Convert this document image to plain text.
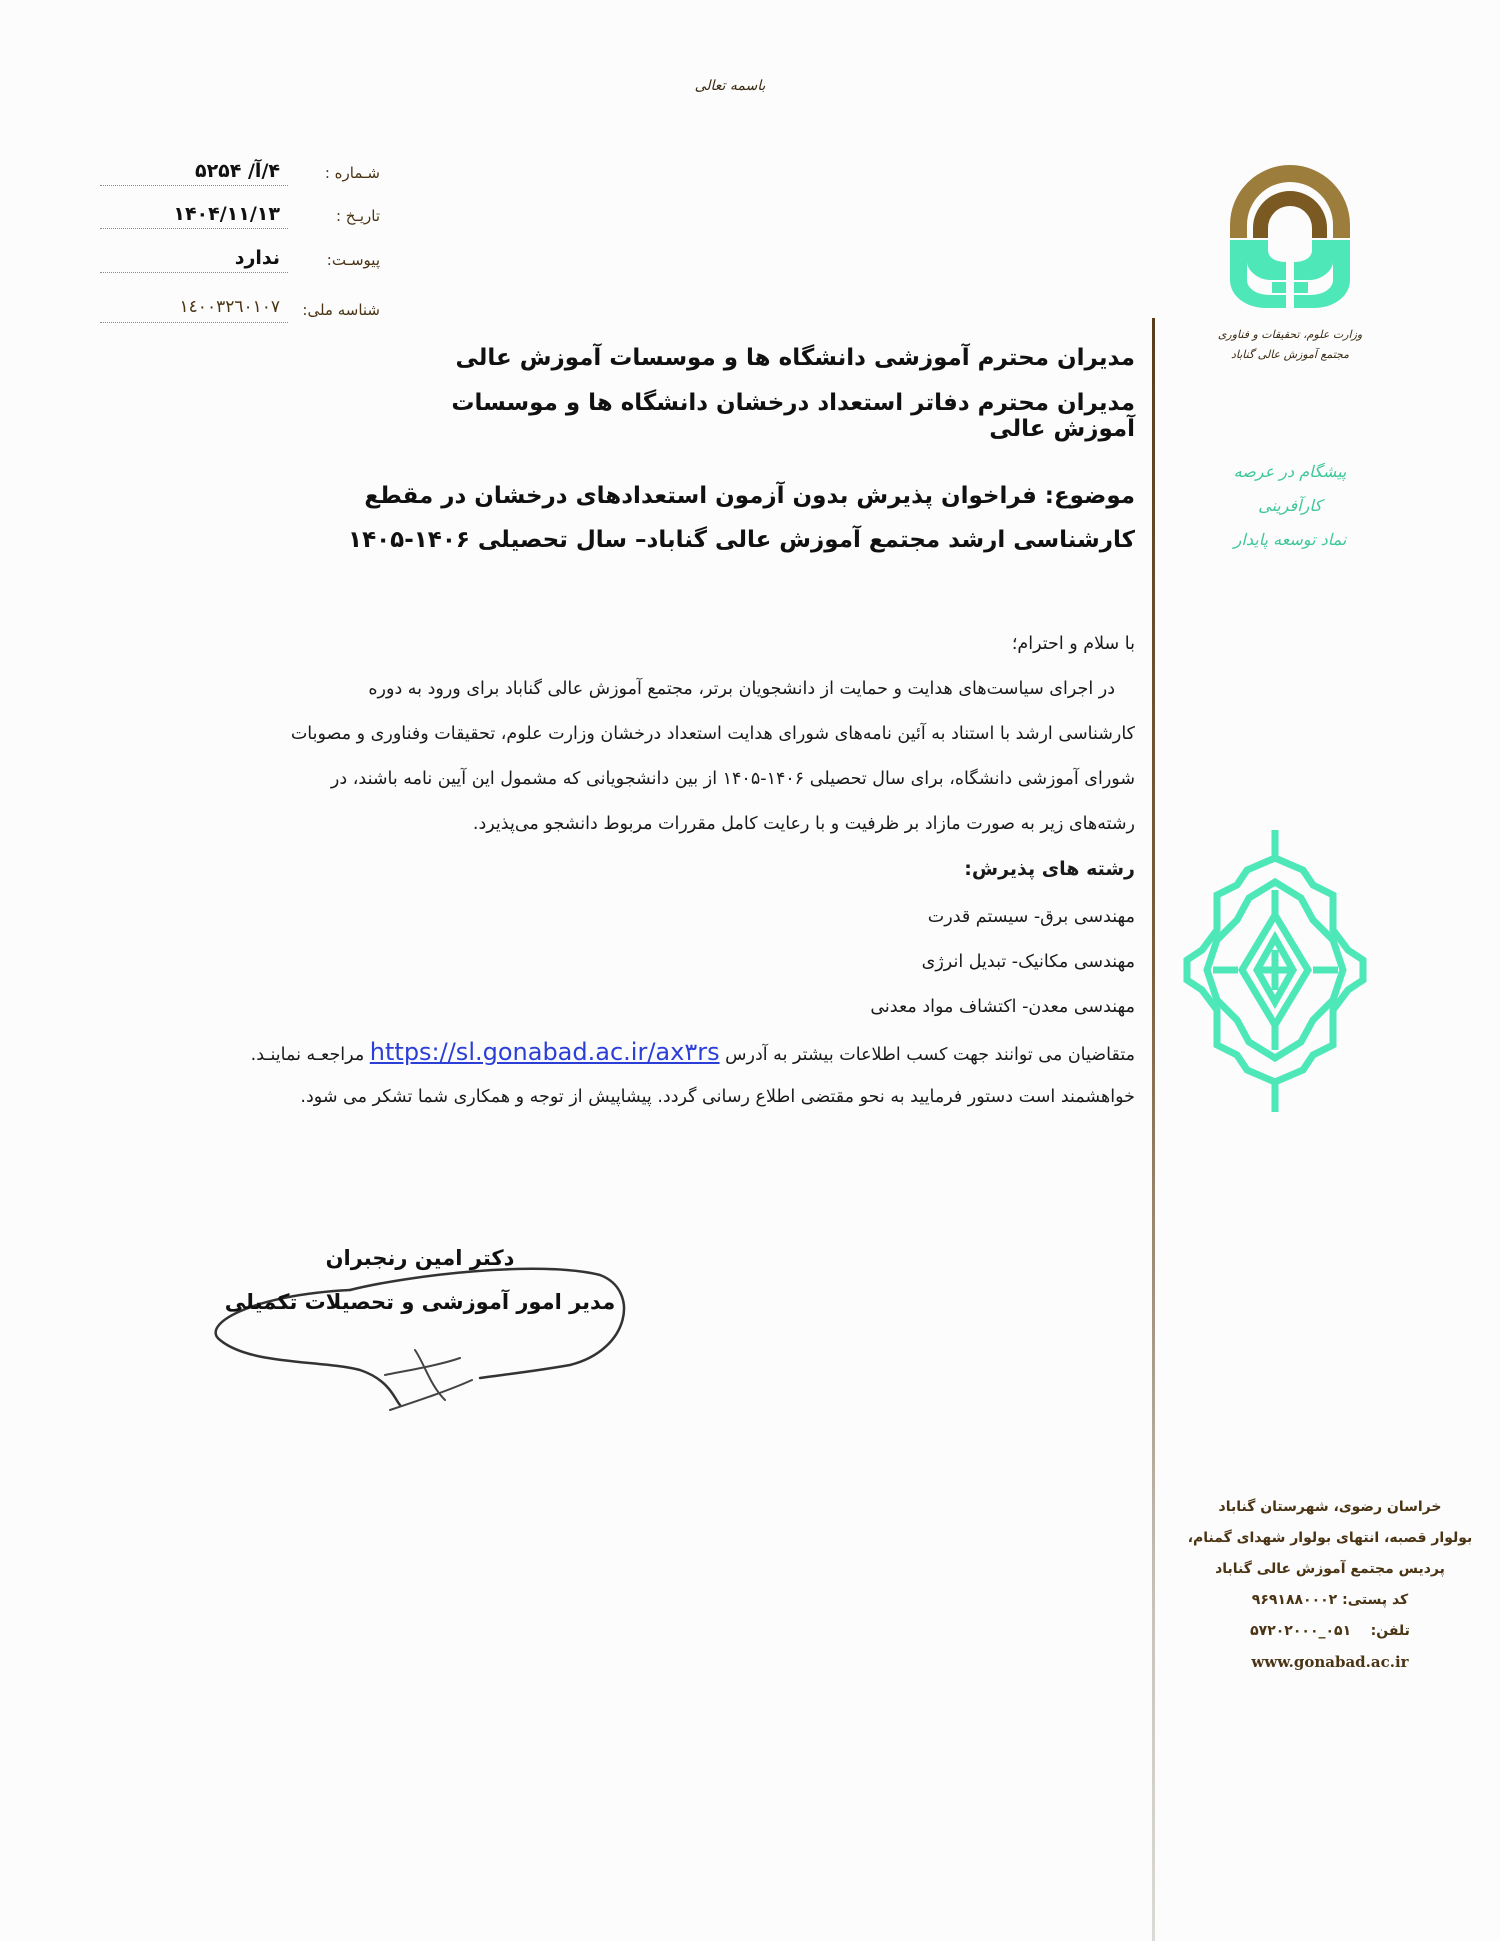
باسمه تعالی
شـماره :
۴/آ/ ۵۲۵۴
تاریـخ :
۱۴۰۴/۱۱/۱۳
پیوسـت:
ندارد
شناسه ملی:
١٤٠٠٣٢٦٠١٠٧
مدیران محترم آموزشی دانشگاه ها و موسسات آموزش عالی
مدیران محترم دفاتر استعداد درخشان دانشگاه ها و موسسات آموزش عالی
موضوع: فراخوان پذیرش بدون آزمون استعدادهای درخشان در مقطع کارشناسی ارشد مجتمع آموزش عالی گناباد– سال تحصیلی ۱۴۰۶-۱۴۰۵
با سلام و احترام؛
در اجرای سیاست‌های هدایت و حمایت از دانشجویان برتر، مجتمع آموزش عالی گناباد برای ورود به دوره
کارشناسی ارشد با استناد به آئین نامه‌های شورای هدایت استعداد درخشان وزارت علوم، تحقیقات وفناوری و مصوبات
شورای آموزشی دانشگاه، برای سال تحصیلی ۱۴۰۶-۱۴۰۵ از بین دانشجویانی که مشمول این آیین نامه باشند، در
رشته‌های زیر به صورت مازاد بر ظرفیت و با رعایت کامل مقررات مربوط دانشجو می‌پذیرد.
رشته های پذیرش:
مهندسی برق- سیستم قدرت
مهندسی مکانیک- تبدیل انرژی
مهندسی معدن- اکتشاف مواد معدنی
متقاضیان می توانند جهت کسب اطلاعات بیشتر به آدرس https://sl.gonabad.ac.ir/ax۳rs مراجعـه نماینـد.
خواهشمند است دستور فرمایید به نحو مقتضی اطلاع رسانی گردد. پیشاپیش از توجه و همکاری شما تشکر می شود.
دکتر امین رنجبران
مدیر امور آموزشی و تحصیلات تکمیلی
وزارت علوم، تحقیقات و فناوری
مجتمع آموزش عالی گناباد
پیشگام در عرصه کارآفرینی
نماد توسعه پایدار
خراسان رضوی، شهرستان گناباد
بولوار قصبه، انتهای بولوار شهدای گمنام،
پردیس مجتمع آموزش عالی گناباد
کد پستی: ۹۶۹۱۸۸۰۰۰۲
تلفن:    ۰۵۱_۵۷۲۰۲۰۰۰
www.gonabad.ac.ir
